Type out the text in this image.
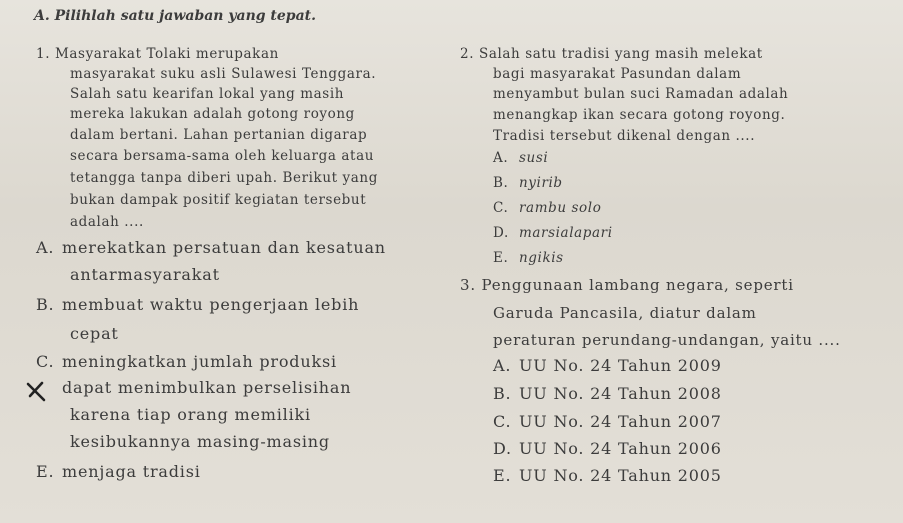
A. Pilihlah satu jawaban yang tepat.
1. Masyarakat Tolaki merupakan
masyarakat suku asli Sulawesi Tenggara.
Salah satu kearifan lokal yang masih
mereka lakukan adalah gotong royong
dalam bertani. Lahan pertanian digarap
secara bersama-sama oleh keluarga atau
tetangga tanpa diberi upah. Berikut yang
bukan dampak positif kegiatan tersebut
adalah ....
A. merekatkan persatuan dan kesatuan
antarmasyarakat
B. membuat waktu pengerjaan lebih
cepat
C. meningkatkan jumlah produksi
dapat menimbulkan perselisihan
karena tiap orang memiliki
kesibukannya masing-masing
E. menjaga tradisi
2. Salah satu tradisi yang masih melekat
bagi masyarakat Pasundan dalam
menyambut bulan suci Ramadan adalah
menangkap ikan secara gotong royong.
Tradisi tersebut dikenal dengan ....
A. susi
B. nyirib
C. rambu solo
D. marsialapari
E. ngikis
3. Penggunaan lambang negara, seperti
Garuda Pancasila, diatur dalam
peraturan perundang-undangan, yaitu ....
A. UU No. 24 Tahun 2009
B. UU No. 24 Tahun 2008
C. UU No. 24 Tahun 2007
D. UU No. 24 Tahun 2006
E. UU No. 24 Tahun 2005
